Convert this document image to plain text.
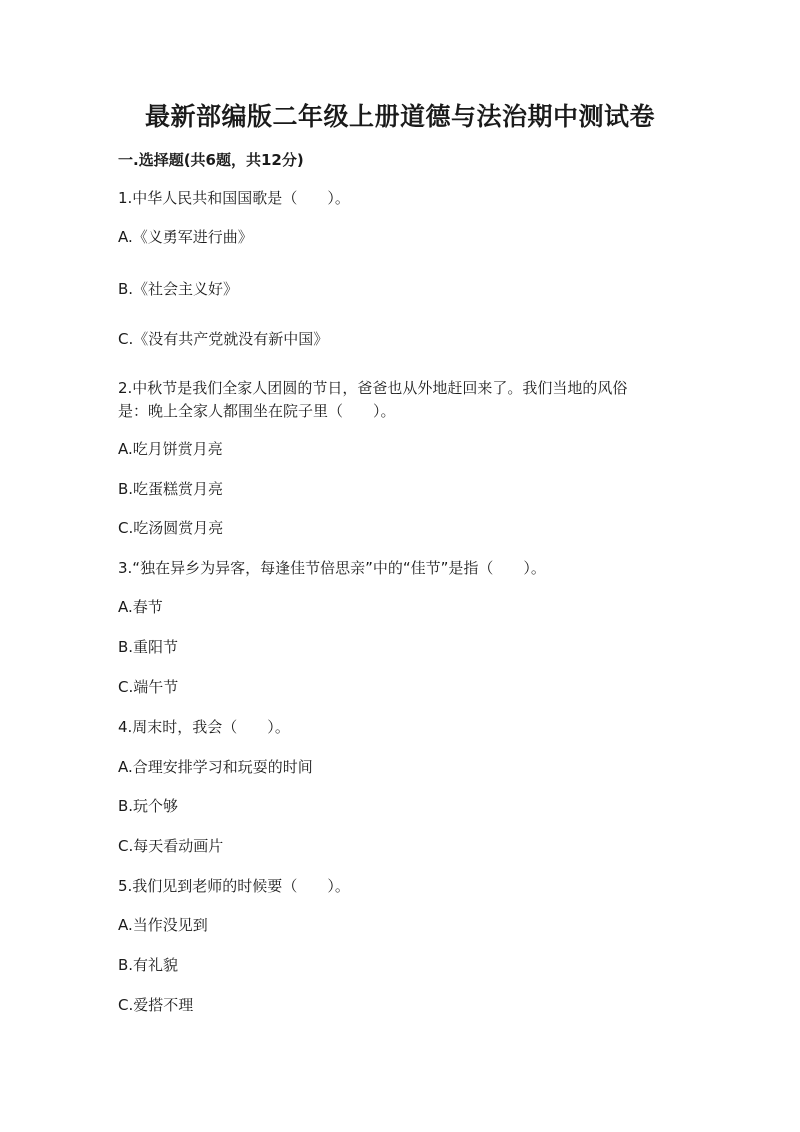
最新部编版二年级上册道德与法治期中测试卷
一.选择题(共6题，共12分)
1.中华人民共和国国歌是（　　）。
A.《义勇军进行曲》
B.《社会主义好》
C.《没有共产党就没有新中国》
2.中秋节是我们全家人团圆的节日，爸爸也从外地赶回来了。我们当地的风俗
是：晚上全家人都围坐在院子里（　　）。
A.吃月饼赏月亮
B.吃蛋糕赏月亮
C.吃汤圆赏月亮
3.“独在异乡为异客，每逢佳节倍思亲”中的“佳节”是指（　　）。
A.春节
B.重阳节
C.端午节
4.周末时，我会（　　）。
A.合理安排学习和玩耍的时间
B.玩个够
C.每天看动画片
5.我们见到老师的时候要（　　）。
A.当作没见到
B.有礼貌
C.爱搭不理
